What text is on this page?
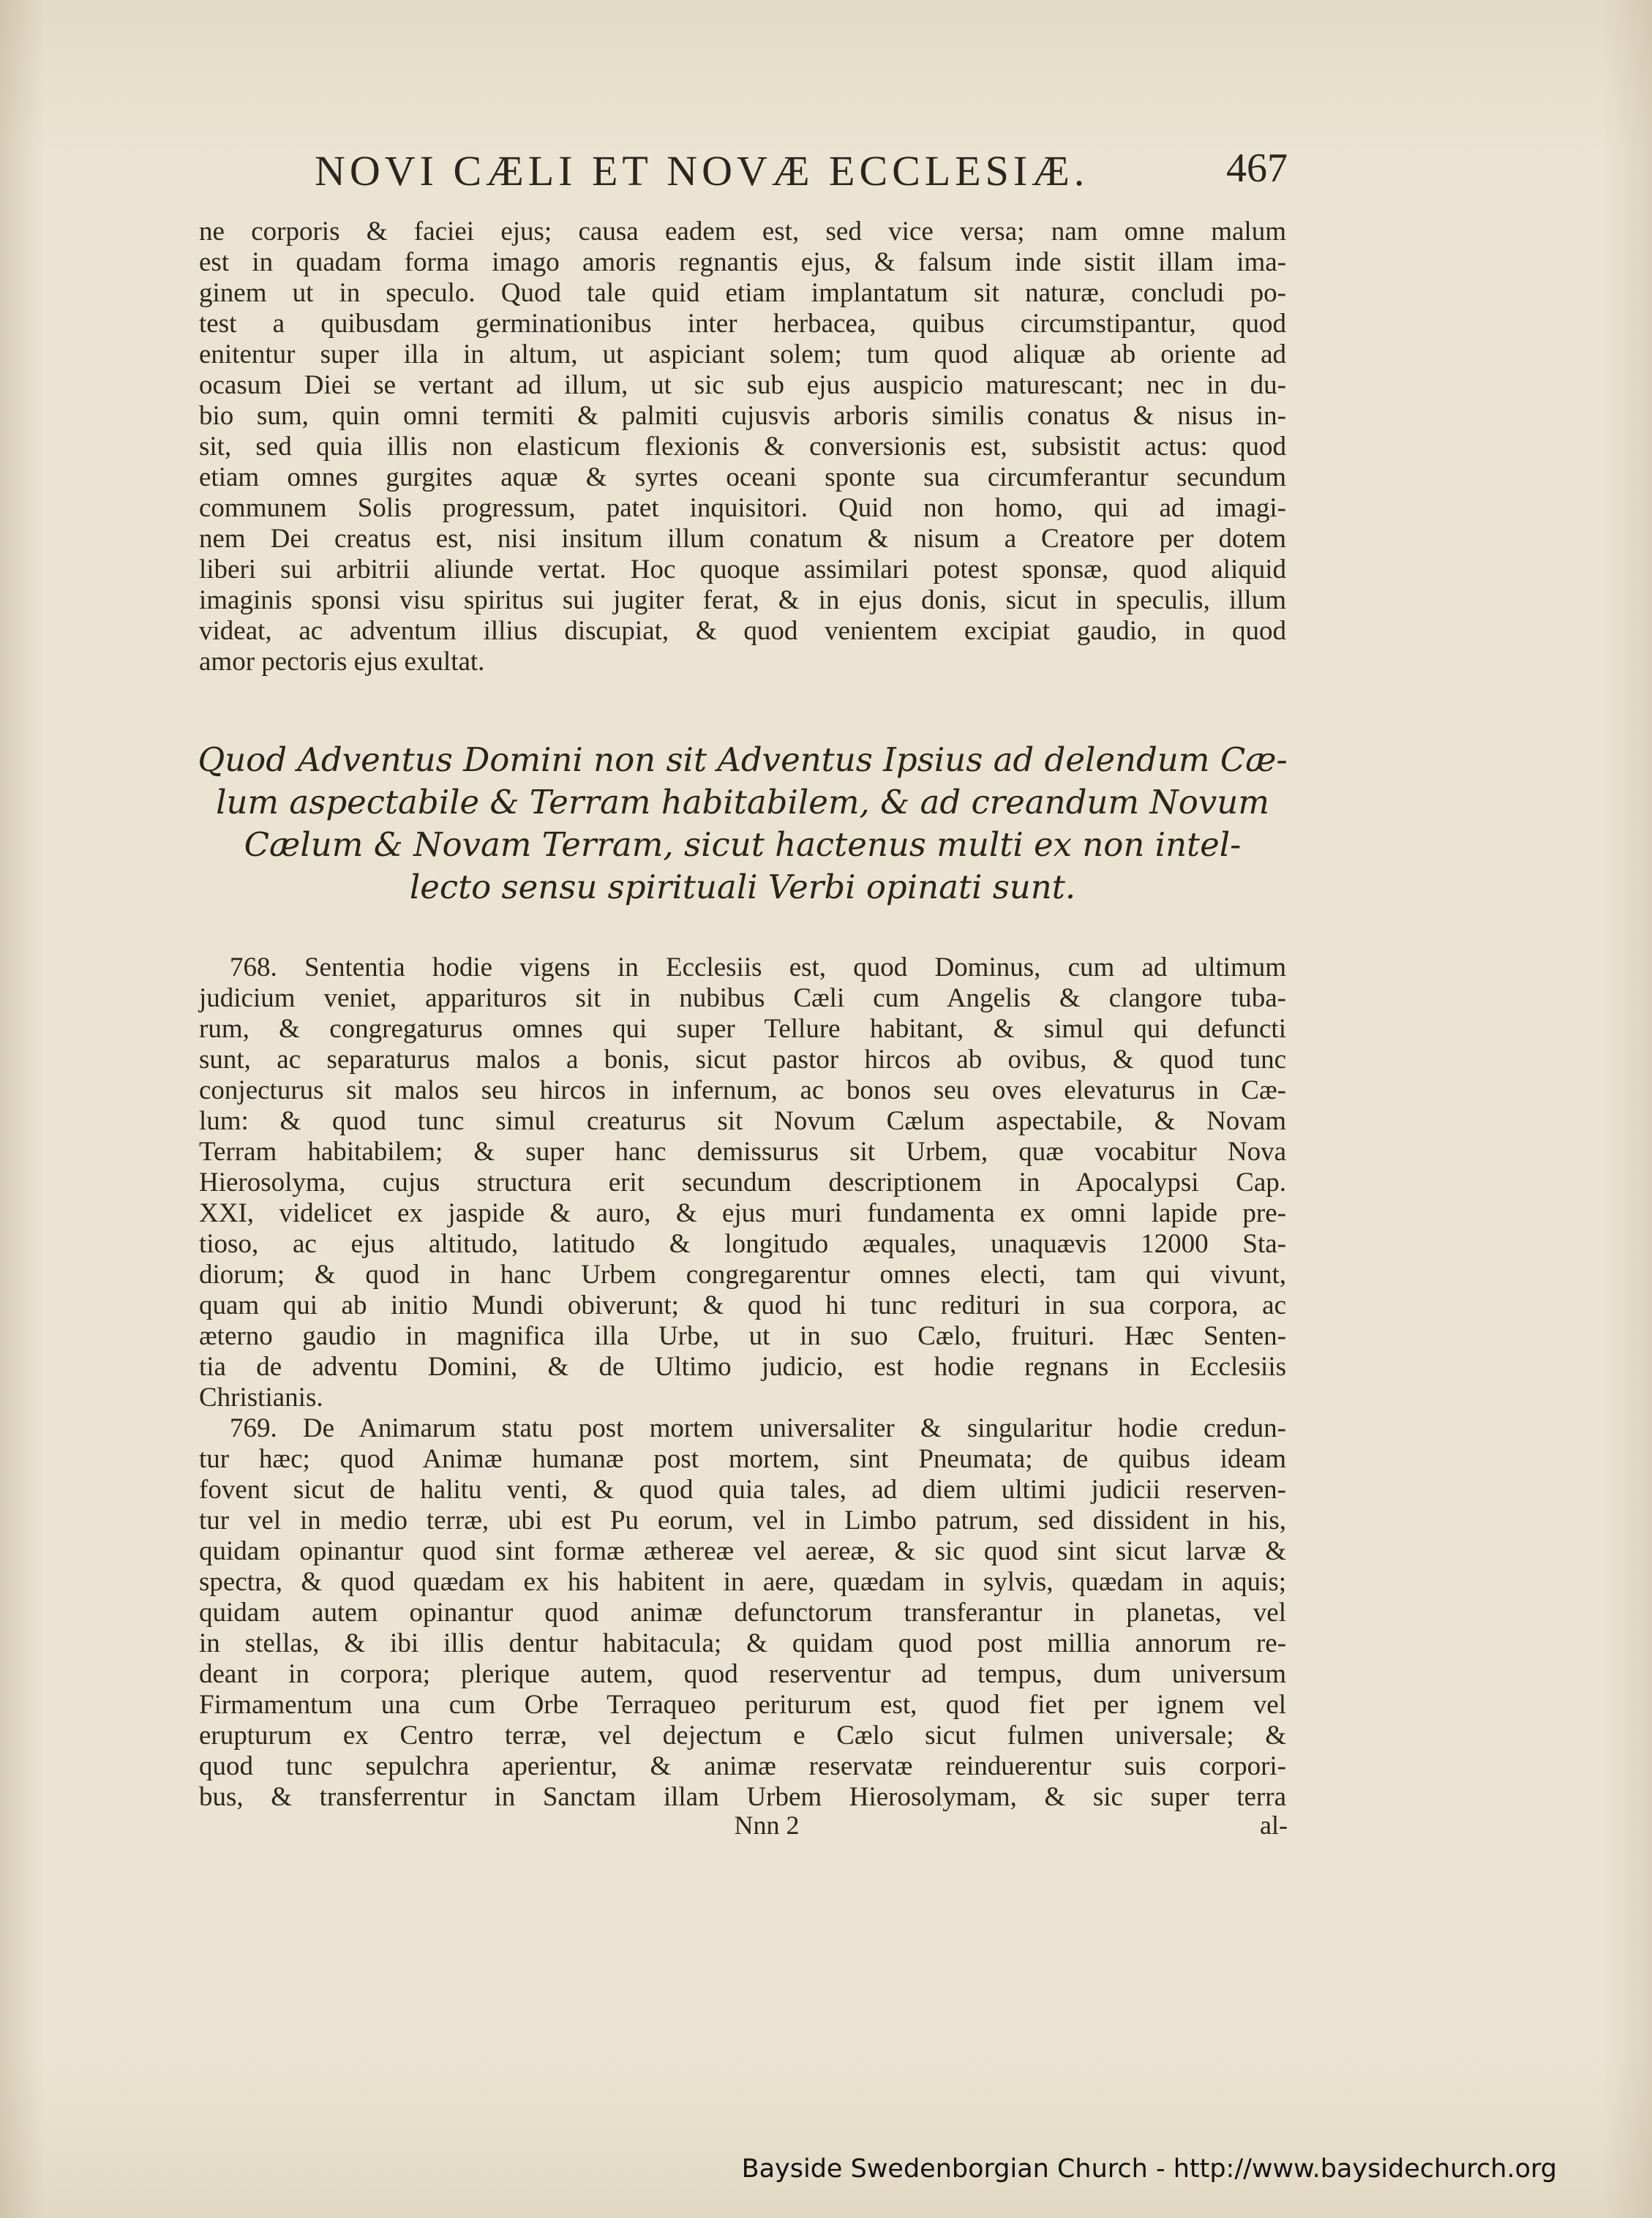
NOVI CÆLI ET NOVÆ ECCLESIÆ.	467
ne corporis & faciei ejus; causa eadem est, sed vice versa; nam omne malum
est in quadam forma imago amoris regnantis ejus, & falsum inde sistit illam ima-
ginem ut in speculo. Quod tale quid etiam implantatum sit naturæ, concludi po-
test a quibusdam germinationibus inter herbacea, quibus circumstipantur, quod
enitentur super illa in altum, ut aspiciant solem; tum quod aliquæ ab oriente ad
ocasum Diei se vertant ad illum, ut sic sub ejus auspicio maturescant; nec in du-
bio sum, quin omni termiti & palmiti cujusvis arboris similis conatus & nisus in-
sit, sed quia illis non elasticum flexionis & conversionis est, subsistit actus: quod
etiam omnes gurgites aquæ & syrtes oceani sponte sua circumferantur secundum
communem Solis progressum, patet inquisitori. Quid non homo, qui ad imagi-
nem Dei creatus est, nisi insitum illum conatum & nisum a Creatore per dotem
liberi sui arbitrii aliunde vertat. Hoc quoque assimilari potest sponsæ, quod aliquid
imaginis sponsi visu spiritus sui jugiter ferat, & in ejus donis, sicut in speculis, illum
videat, ac adventum illius discupiat, & quod venientem excipiat gaudio, in quod
amor pectoris ejus exultat.
Quod Adventus Domini non sit Adventus Ipsius ad delendum Cæ-
lum aspectabile & Terram habitabilem, & ad creandum Novum
Cælum & Novam Terram, sicut hactenus multi ex non intel-
lecto sensu spirituali Verbi opinati sunt.
768. Sententia hodie vigens in Ecclesiis est, quod Dominus, cum ad ultimum
judicium veniet, apparituros sit in nubibus Cæli cum Angelis & clangore tuba-
rum, & congregaturus omnes qui super Tellure habitant, & simul qui defuncti
sunt, ac separaturus malos a bonis, sicut pastor hircos ab ovibus, & quod tunc
conjecturus sit malos seu hircos in infernum, ac bonos seu oves elevaturus in Cæ-
lum: & quod tunc simul creaturus sit Novum Cælum aspectabile, & Novam
Terram habitabilem; & super hanc demissurus sit Urbem, quæ vocabitur Nova
Hierosolyma, cujus structura erit secundum descriptionem in Apocalypsi Cap.
XXI, videlicet ex jaspide & auro, & ejus muri fundamenta ex omni lapide pre-
tioso, ac ejus altitudo, latitudo & longitudo æquales, unaquævis 12000 Sta-
diorum; & quod in hanc Urbem congregarentur omnes electi, tam qui vivunt,
quam qui ab initio Mundi obiverunt; & quod hi tunc redituri in sua corpora, ac
æterno gaudio in magnifica illa Urbe, ut in suo Cælo, fruituri. Hæc Senten-
tia de adventu Domini, & de Ultimo judicio, est hodie regnans in Ecclesiis
Christianis.
769. De Animarum statu post mortem universaliter & singularitur hodie credun-
tur hæc; quod Animæ humanæ post mortem, sint Pneumata; de quibus ideam
fovent sicut de halitu venti, & quod quia tales, ad diem ultimi judicii reserven-
tur vel in medio terræ, ubi est Pu eorum, vel in Limbo patrum, sed dissident in his,
quidam opinantur quod sint formæ æthereæ vel aereæ, & sic quod sint sicut larvæ &
spectra, & quod quædam ex his habitent in aere, quædam in sylvis, quædam in aquis;
quidam autem opinantur quod animæ defunctorum transferantur in planetas, vel
in stellas, & ibi illis dentur habitacula; & quidam quod post millia annorum re-
deant in corpora; plerique autem, quod reserventur ad tempus, dum universum
Firmamentum una cum Orbe Terraqueo periturum est, quod fiet per ignem vel
erupturum ex Centro terræ, vel dejectum e Cælo sicut fulmen universale; &
quod tunc sepulchra aperientur, & animæ reservatæ reinduerentur suis corpori-
bus, & transferrentur in Sanctam illam Urbem Hierosolymam, & sic super terra
Nnn 2	al-
Bayside Swedenborgian Church - http://www.baysidechurch.org
